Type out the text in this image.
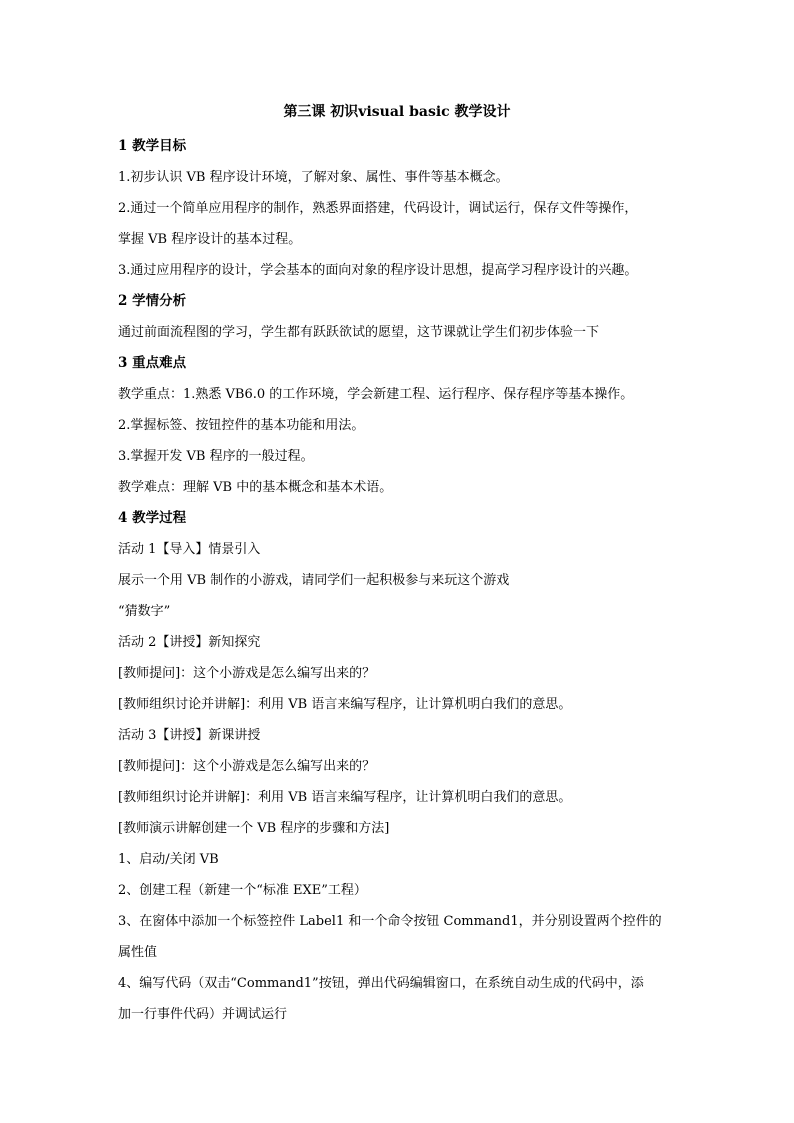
第三课 初识visual basic 教学设计
1 教学目标
1.初步认识 VB 程序设计环境，了解对象、属性、事件等基本概念。
2.通过一个简单应用程序的制作，熟悉界面搭建，代码设计，调试运行，保存文件等操作，
掌握 VB 程序设计的基本过程。
3.通过应用程序的设计，学会基本的面向对象的程序设计思想，提高学习程序设计的兴趣。
2 学情分析
通过前面流程图的学习，学生都有跃跃欲试的愿望，这节课就让学生们初步体验一下
3 重点难点
教学重点：1.熟悉 VB6.0 的工作环境，学会新建工程、运行程序、保存程序等基本操作。
2.掌握标签、按钮控件的基本功能和用法。
3.掌握开发 VB 程序的一般过程。
教学难点：理解 VB 中的基本概念和基本术语。
4 教学过程
活动 1【导入】情景引入
展示一个用 VB 制作的小游戏，请同学们一起积极参与来玩这个游戏
“猜数字”
活动 2【讲授】新知探究
[教师提问]：这个小游戏是怎么编写出来的？
[教师组织讨论并讲解]：利用 VB 语言来编写程序，让计算机明白我们的意思。
活动 3【讲授】新课讲授
[教师提问]：这个小游戏是怎么编写出来的？
[教师组织讨论并讲解]：利用 VB 语言来编写程序，让计算机明白我们的意思。
[教师演示讲解创建一个 VB 程序的步骤和方法]
1、启动/关闭 VB
2、创建工程（新建一个“标准 EXE”工程）
3、在窗体中添加一个标签控件 Label1 和一个命令按钮 Command1，并分别设置两个控件的
属性值
4、编写代码（双击“Command1”按钮，弹出代码编辑窗口，在系统自动生成的代码中，添
加一行事件代码）并调试运行
